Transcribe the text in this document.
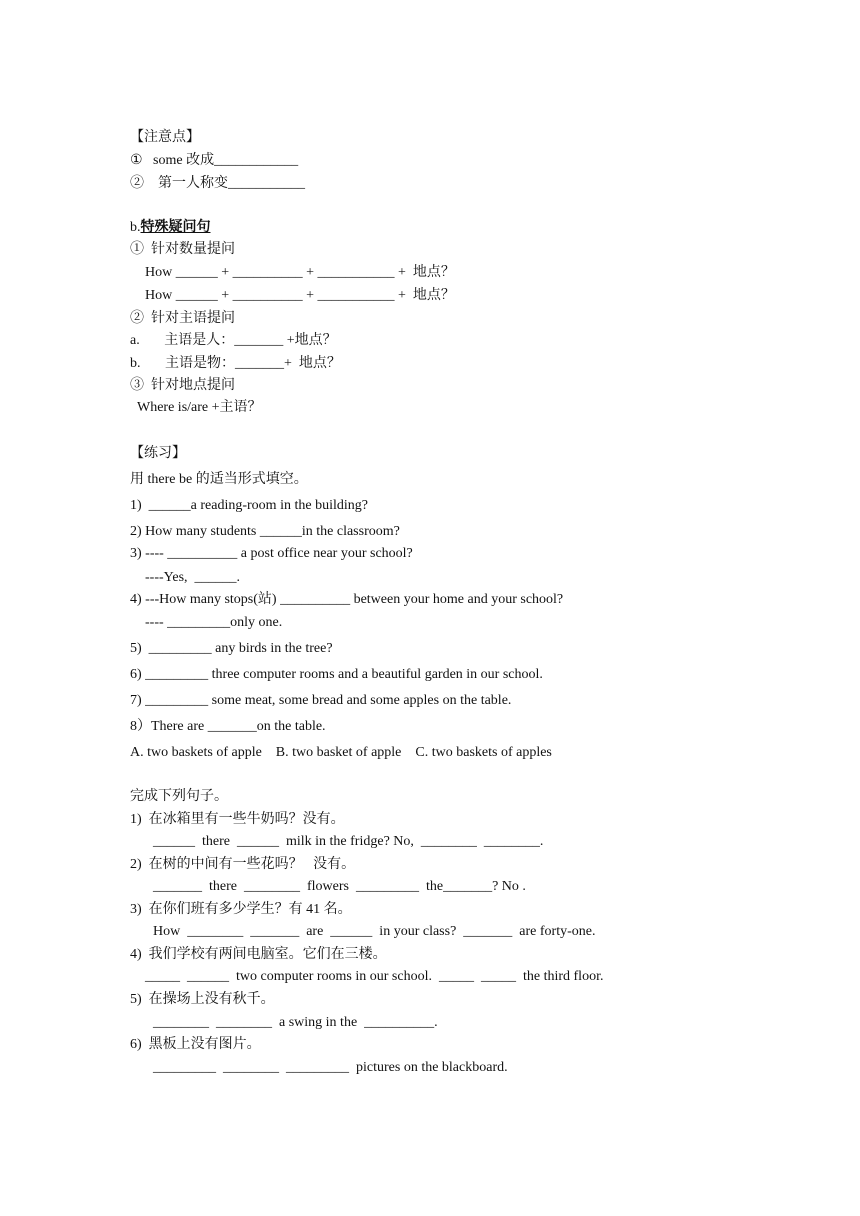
【注意点】
①   some 改成____________
②    第一人称变___________
b.特殊疑问句
①  针对数量提问
How ______ + __________ + ___________ +  地点？
How ______ + __________ + ___________ +  地点？
②  针对主语提问
a.       主语是人：_______ +地点？
b.       主语是物：_______+  地点？
③  针对地点提问
Where is/are +主语？
【练习】
用 there be 的适当形式填空。
1)  ______a reading-room in the building?
2) How many students ______in the classroom?
3) ---- __________ a post office near your school?
----Yes,  ______.
4) ---How many stops(站) __________ between your home and your school?
---- _________only one.
5)  _________ any birds in the tree?
6) _________ three computer rooms and a beautiful garden in our school.
7) _________ some meat, some bread and some apples on the table.
8）There are _______on the table.
A. two baskets of apple    B. two basket of apple    C. two baskets of apples
完成下列句子。
1)  在冰箱里有一些牛奶吗？没有。
______  there  ______  milk in the fridge? No,  ________  ________.
2)  在树的中间有一些花吗？   没有。
_______  there  ________  flowers  _________  the_______? No .
3)  在你们班有多少学生？有 41 名。
How  ________  _______  are  ______  in your class?  _______  are forty-one.
4)  我们学校有两间电脑室。它们在三楼。
_____  ______  two computer rooms in our school.  _____  _____  the third floor.
5)  在操场上没有秋千。
________  ________  a swing in the  __________.
6)  黑板上没有图片。
_________  ________  _________  pictures on the blackboard.
